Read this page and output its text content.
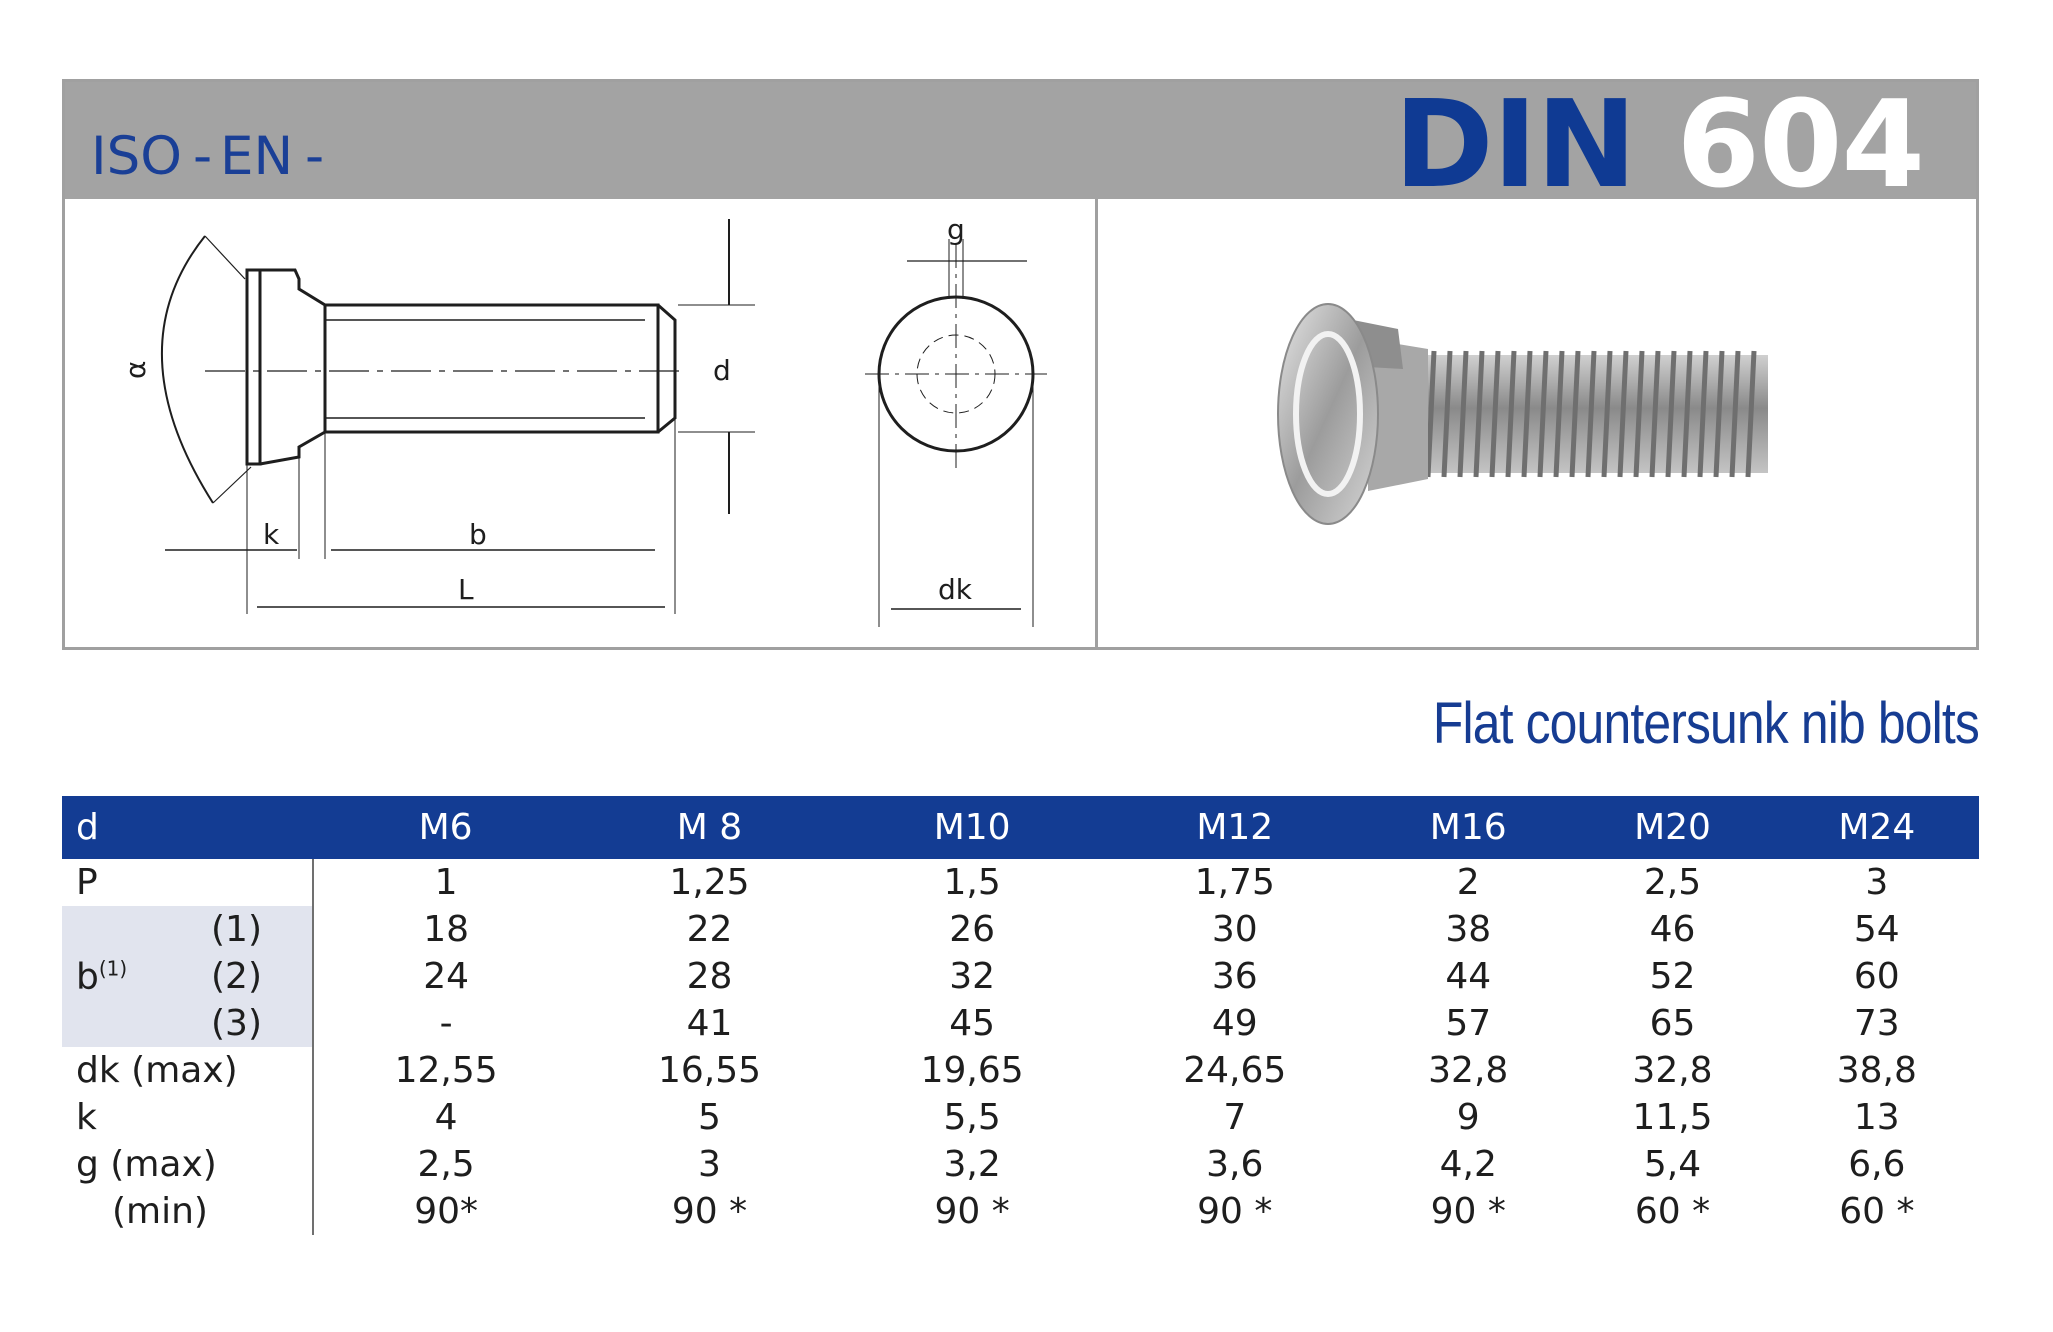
ISO - EN -	DIN 604
α
k	b
L
d
g
dk
Flat countersunk nib bolts
d	M6	M 8	M10	M12	M16	M20	M24
P	1	1,25	1,5	1,75	2	2,5	3
(1)	18	22	26	30	38	46	54

$b^{(1)}$ (2)	24	28	32	36	44	52	60
(3)	-	41	45	49	57	65	73
dk (max)	12,55	16,55	19,65	24,65	32,8	32,8	38,8
k	4	5	5,5	7	9	11,5	13
g (max)	2,5	3	3,2	3,6	4,2	5,4	6,6
(min)	90*	90 *	90 *	90 *	90 *	60 *	60 *
